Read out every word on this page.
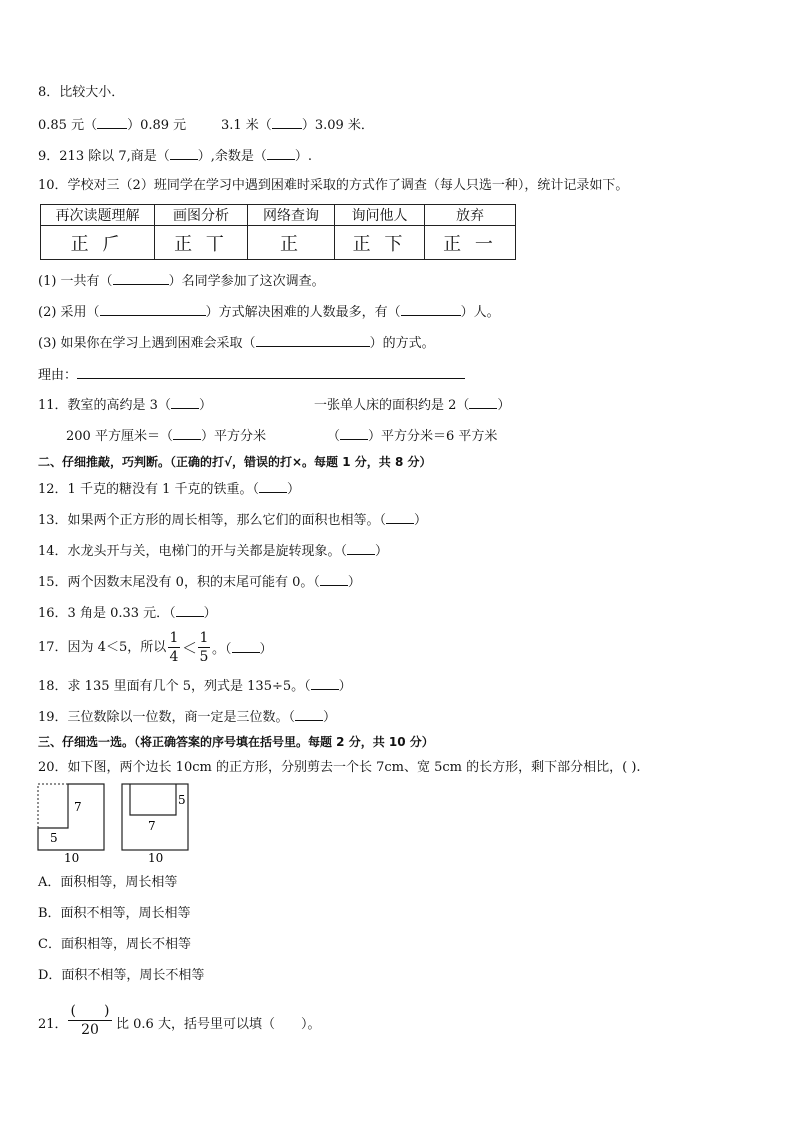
8．比较大小．
0.85 元（ ）0.89 元	3.1 米（ ）3.09 米．
9．213 除以 7,商是（ ）,余数是（ ）.
10．学校对三（2）班同学在学习中遇到困难时采取的方式作了调查（每人只选一种），统计记录如下。
再次读题理解	画图分析	网络查询	询问他人	放弃
正 𠂆	正 丅	正	正 下	正 一
(1) 一共有（	）名同学参加了这次调查。
(2) 采用（	）方式解决困难的人数最多，有（	）人。
(3) 如果你在学习上遇到困难会采取（	）的方式。
理由：
11．教室的高约是 3（ ）	一张单人床的面积约是 2（ ）
200 平方厘米＝（ ）平方分米	（ ）平方分米＝6 平方米
二、仔细推敲，巧判断。（正确的打√，错误的打×。每题 1 分，共 8 分）
12．1 千克的糖没有 1 千克的铁重。（ ）
13．如果两个正方形的周长相等，那么它们的面积也相等。（ ）
14．水龙头开与关，电梯门的开与关都是旋转现象。（ ）
15．两个因数末尾没有 0，积的末尾可能有 0。（ ）
16．3 角是 0.33 元．（ ）
17．因为 4＜5，所以
1
4 ＜
1
5 。（ ）
18．求 135 里面有几个 5，列式是 135÷5。（ ）
19．三位数除以一位数，商一定是三位数。（ ）
三、仔细选一选。（将正确答案的序号填在括号里。每题 2 分，共 10 分）
20．如下图，两个边长 10cm 的正方形，分别剪去一个长 7cm、宽 5cm 的长方形，剩下部分相比，( ).
7
5
10
5
7
10
A．面积相等，周长相等
B．面积不相等，周长相等
C．面积相等，周长不相等
D．面积不相等，周长不相等
21．
(　　)
20	比 0.6 大，括号里可以填（　　）。
